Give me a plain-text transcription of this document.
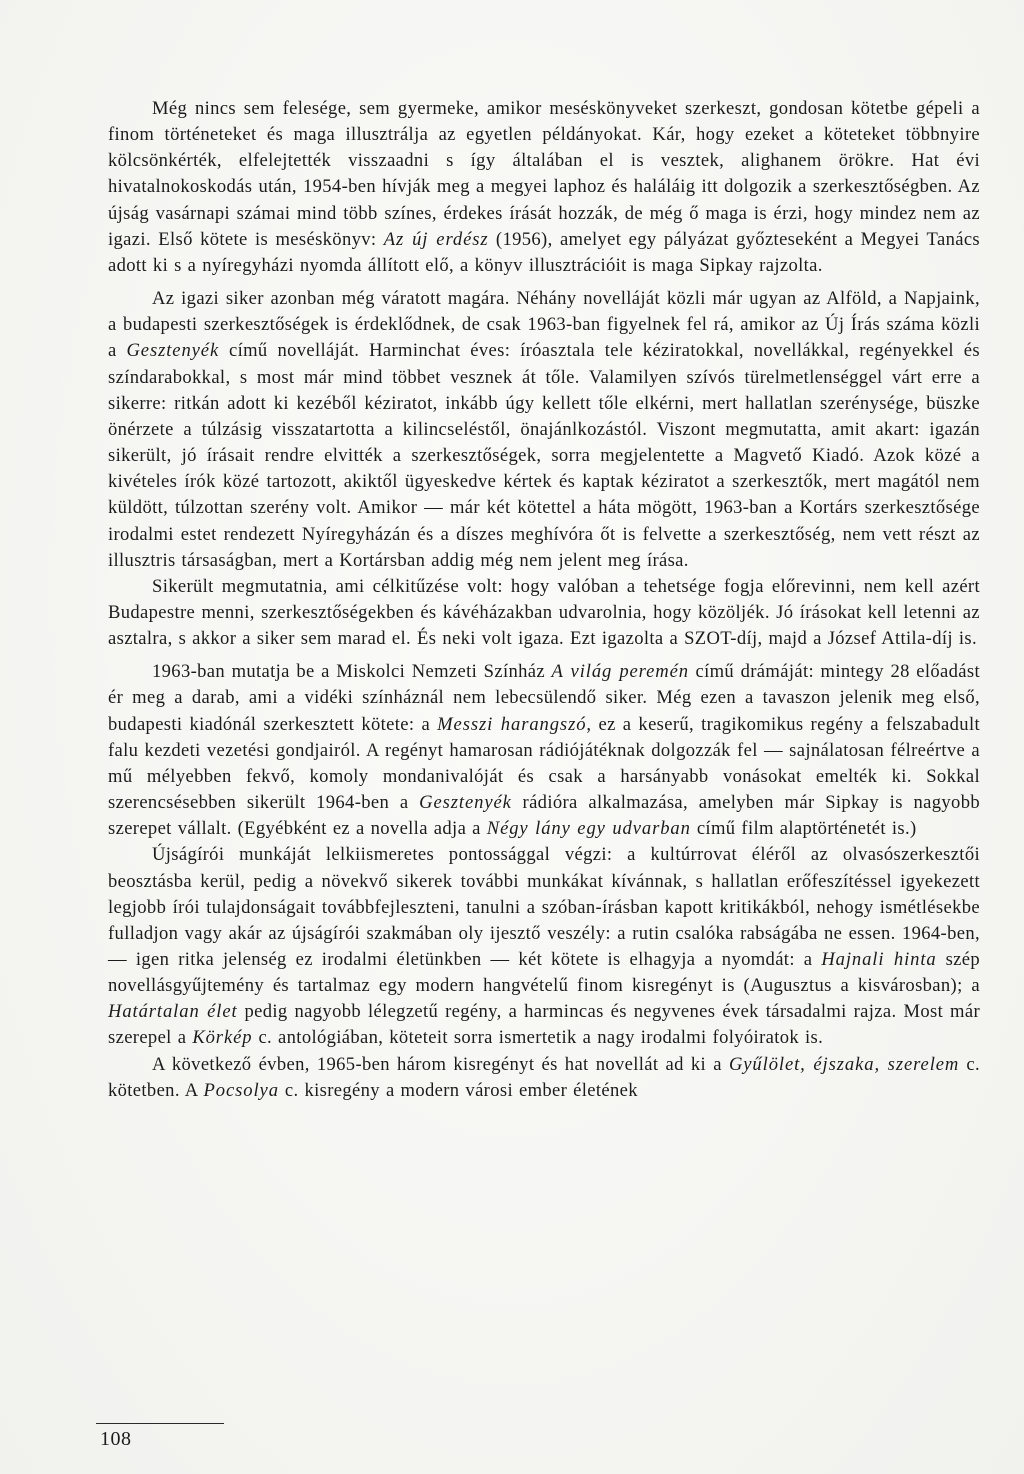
Még nincs sem felesége, sem gyermeke, amikor meséskönyveket szerkeszt, gondosan kötetbe gépeli a finom történeteket és maga illusztrálja az egyetlen példányokat. Kár, hogy ezeket a köteteket többnyire kölcsönkérték, elfelejtették visszaadni s így általában el is vesztek, alighanem örökre. Hat évi hivatalnokoskodás után, 1954-ben hívják meg a megyei laphoz és haláláig itt dolgozik a szerkesztőségben. Az újság vasárnapi számai mind több színes, érdekes írását hozzák, de még ő maga is érzi, hogy mindez nem az igazi. Első kötete is meséskönyv: Az új erdész (1956), amelyet egy pályázat győzteseként a Megyei Tanács adott ki s a nyíregyházi nyomda állított elő, a könyv illusztrációit is maga Sipkay rajzolta.

Az igazi siker azonban még váratott magára. Néhány novelláját közli már ugyan az Alföld, a Napjaink, a budapesti szerkesztőségek is érdeklődnek, de csak 1963-ban figyelnek fel rá, amikor az Új Írás száma közli a Gesztenyék című novelláját. Harminchat éves: íróasztala tele kéziratokkal, novellákkal, regényekkel és színdarabokkal, s most már mind többet vesznek át tőle. Valamilyen szívós türelmetlenséggel várt erre a sikerre: ritkán adott ki kezéből kéziratot, inkább úgy kellett tőle elkérni, mert hallatlan szerénysége, büszke önérzete a túlzásig visszatartotta a kilincseléstől, önajánlkozástól. Viszont megmutatta, amit akart: igazán sikerült, jó írásait rendre elvitték a szerkesztőségek, sorra megjelentette a Magvető Kiadó. Azok közé a kivételes írók közé tartozott, akiktől ügyeskedve kértek és kaptak kéziratot a szerkesztők, mert magától nem küldött, túlzottan szerény volt. Amikor — már két kötettel a háta mögött, 1963-ban a Kortárs szerkesztősége irodalmi estet rendezett Nyíregyházán és a díszes meghívóra őt is felvette a szerkesztőség, nem vett részt az illusztris társaságban, mert a Kortársban addig még nem jelent meg írása.

Sikerült megmutatnia, ami célkitűzése volt: hogy valóban a tehetsége fogja előrevinni, nem kell azért Budapestre menni, szerkesztőségekben és kávéházakban udvarolnia, hogy közöljék. Jó írásokat kell letenni az asztalra, s akkor a siker sem marad el. És neki volt igaza. Ezt igazolta a SZOT-díj, majd a József Attila-díj is.

1963-ban mutatja be a Miskolci Nemzeti Színház A világ peremén című drámáját: mintegy 28 előadást ér meg a darab, ami a vidéki színháznál nem lebecsülendő siker. Még ezen a tavaszon jelenik meg első, budapesti kiadónál szerkesztett kötete: a Messzi harangszó, ez a keserű, tragikomikus regény a felszabadult falu kezdeti vezetési gondjairól. A regényt hamarosan rádiójátéknak dolgozzák fel — sajnálatosan félreértve a mű mélyebben fekvő, komoly mondanivalóját és csak a harsányabb vonásokat emelték ki. Sokkal szerencsésebben sikerült 1964-ben a Gesztenyék rádióra alkalmazása, amelyben már Sipkay is nagyobb szerepet vállalt. (Egyébként ez a novella adja a Négy lány egy udvarban című film alaptörténetét is.)

Újságírói munkáját lelkiismeretes pontossággal végzi: a kultúrrovat éléről az olvasószerkesztői beosztásba kerül, pedig a növekvő sikerek további munkákat kívánnak, s hallatlan erőfeszítéssel igyekezett legjobb írói tulajdonságait továbbfejleszteni, tanulni a szóban-írásban kapott kritikákból, nehogy ismétlésekbe fulladjon vagy akár az újságírói szakmában oly ijesztő veszély: a rutin csalóka rabságába ne essen. 1964-ben, — igen ritka jelenség ez irodalmi életünkben — két kötete is elhagyja a nyomdát: a Hajnali hinta szép novellásgyűjtemény és tartalmaz egy modern hangvételű finom kisregényt is (Augusztus a kisvárosban); a Határtalan élet pedig nagyobb lélegzetű regény, a harmincas és negyvenes évek társadalmi rajza. Most már szerepel a Körkép c. antológiában, köteteit sorra ismertetik a nagy irodalmi folyóiratok is.

A következő évben, 1965-ben három kisregényt és hat novellát ad ki a Gyűlölet, éjszaka, szerelem c. kötetben. A Pocsolya c. kisregény a modern városi ember életének

108
